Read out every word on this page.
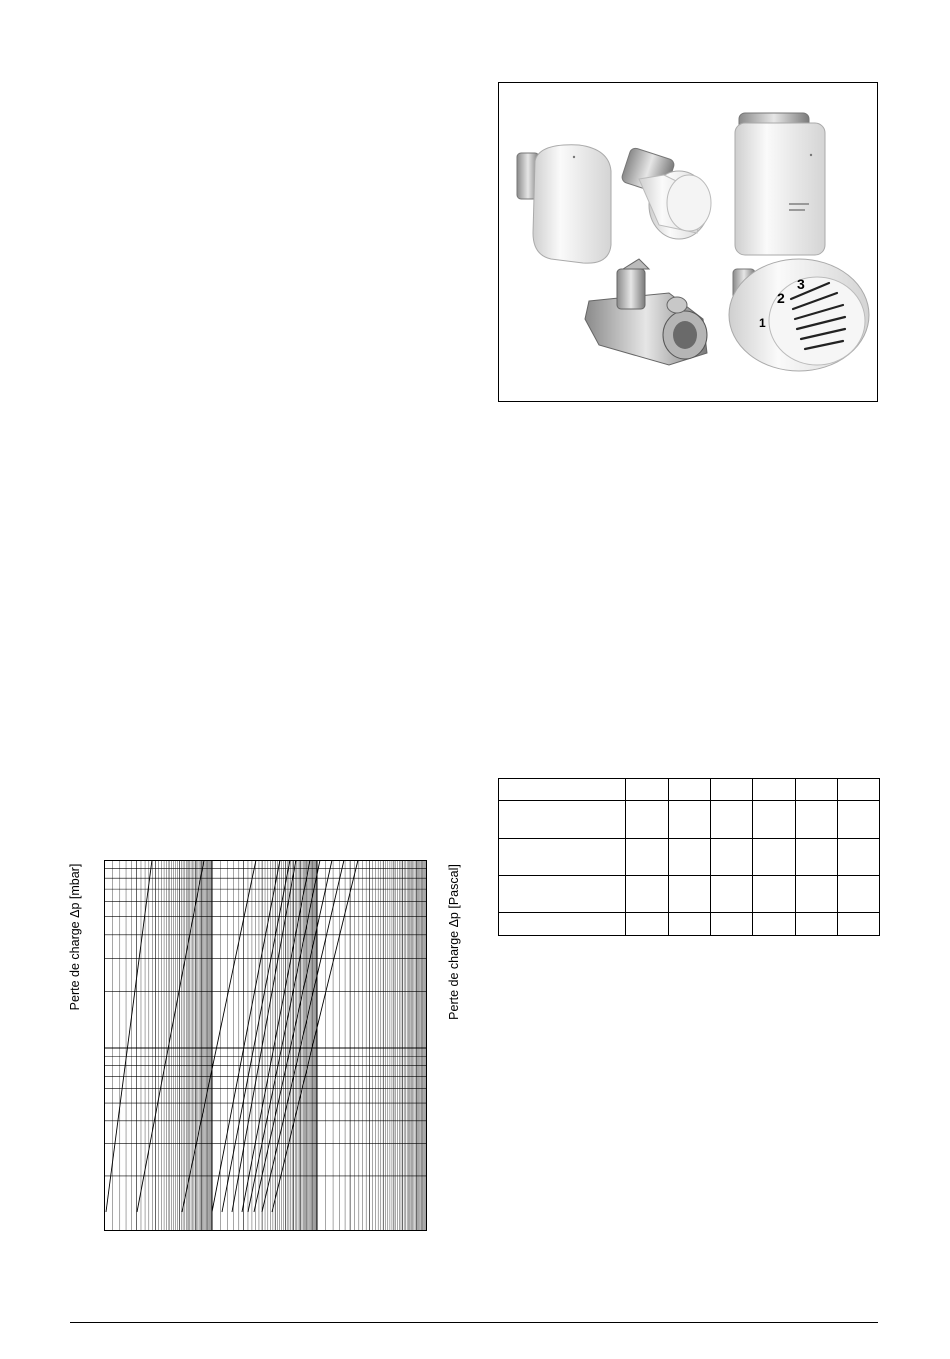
1
2
3

Perte de charge Δp [mbar]	Perte de charge Δp [Pascal]
